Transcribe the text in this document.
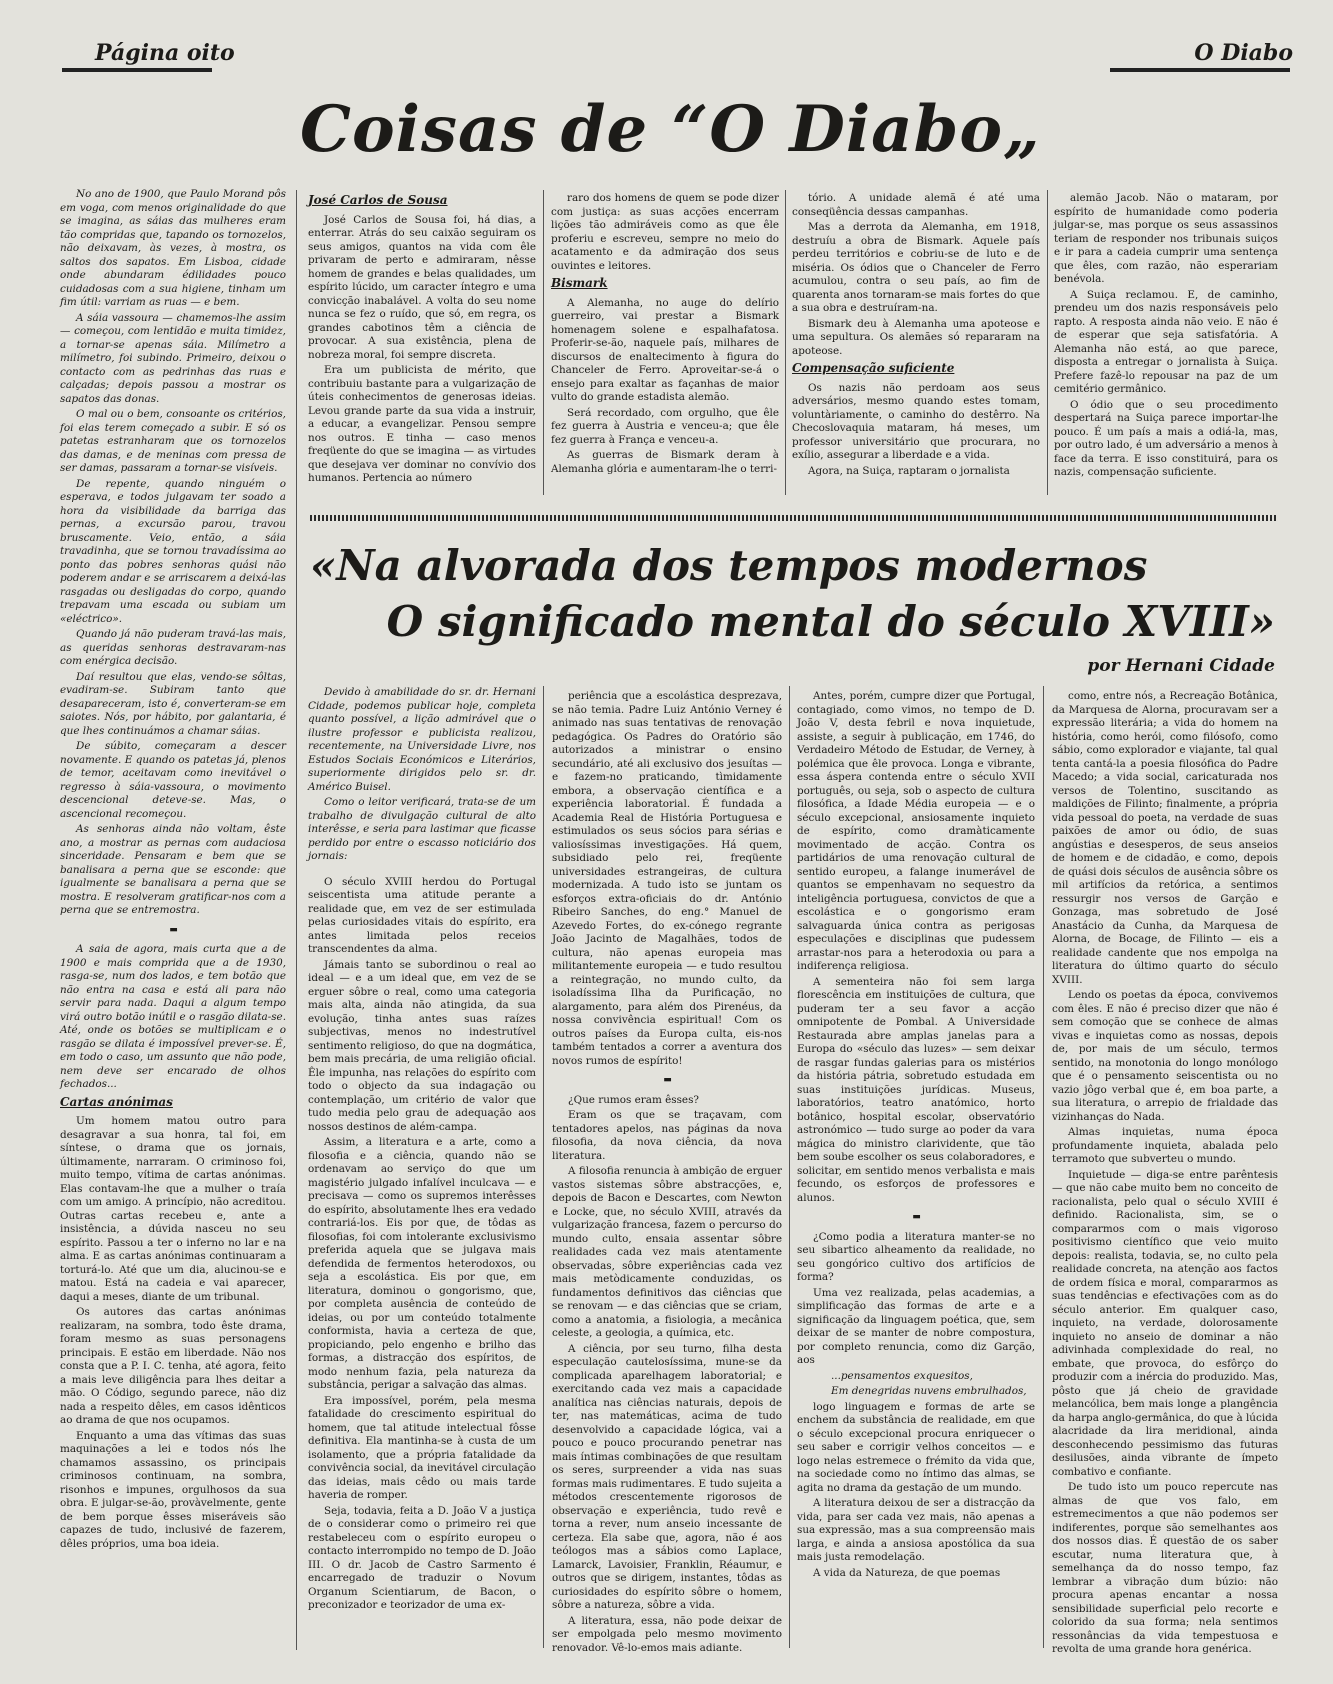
Página oito	O Diabo
Coisas de “O Diabo„

No ano de 1900, que Paulo Morand pôs em voga, com menos originalidade do que se imagina, as sáias das mulheres eram tão compridas que, tapando os tornozelos, não deixavam, às vezes, à mostra, os saltos dos sapatos. Em Lisboa, cidade onde abundaram édilidades pouco cuidadosas com a sua higiene, tinham um fim útil: varriam as ruas — e bem.

A sáia vassoura — chamemos-lhe assim — começou, com lentidão e muita timidez, a tornar-se apenas sáia. Milímetro a milímetro, foi subindo. Primeiro, deixou o contacto com as pedrinhas das ruas e calçadas; depois passou a mostrar os sapatos das donas.

O mal ou o bem, consoante os critérios, foi elas terem começado a subir. E só os patetas estranharam que os tornozelos das damas, e de meninas com pressa de ser damas, passaram a tornar-se visíveis.

De repente, quando ninguém o esperava, e todos julgavam ter soado a hora da visibilidade da barriga das pernas, a excursão parou, travou bruscamente. Veio, então, a sáia travadinha, que se tornou travadíssima ao ponto das pobres senhoras quási não poderem andar e se arriscarem a deixá-las rasgadas ou desligadas do corpo, quando trepavam uma escada ou subiam um «eléctrico».

Quando já não puderam travá-las mais, as queridas senhoras destravaram-nas com enérgica decisão.

Daí resultou que elas, vendo-se sôltas, evadiram-se. Subiram tanto que desapareceram, isto é, converteram-se em saiotes. Nós, por hábito, por galantaria, é que lhes continuámos a chamar sáias.

De súbito, começaram a descer novamente. E quando os patetas já, plenos de temor, aceitavam como inevitável o regresso à sáia-vassoura, o movimento descencional deteve-se. Mas, o ascencional recomeçou.

As senhoras ainda não voltam, êste ano, a mostrar as pernas com audaciosa sinceridade. Pensaram e bem que se banalisara a perna que se esconde: que igualmente se banalisara a perna que se mostra. E resolveram gratificar-nos com a perna que se entremostra.

▬

A saia de agora, mais curta que a de 1900 e mais comprida que a de 1930, rasga-se, num dos lados, e tem botão que não entra na casa e está ali para não servir para nada. Daqui a algum tempo virá outro botão inútil e o rasgão dilata-se. Até, onde os botões se multiplicam e o rasgão se dilata é impossível prever-se. É, em todo o caso, um assunto que não pode, nem deve ser encarado de olhos fechados...

Cartas anónimas

Um homem matou outro para desagravar a sua honra, tal foi, em síntese, o drama que os jornais, últimamente, narraram. O criminoso foi, muito tempo, vítima de cartas anónimas. Elas contavam-lhe que a mulher o traía com um amigo. A princípio, não acreditou. Outras cartas recebeu e, ante a insistência, a dúvida nasceu no seu espírito. Passou a ter o inferno no lar e na alma. E as cartas anónimas continuaram a torturá-lo. Até que um dia, alucinou-se e matou. Está na cadeia e vai aparecer, daqui a meses, diante de um tribunal.

Os autores das cartas anónimas realizaram, na sombra, todo êste drama, foram mesmo as suas personagens principais. E estão em liberdade. Não nos consta que a P. I. C. tenha, até agora, feito a mais leve diligência para lhes deitar a mão. O Código, segundo parece, não diz nada a respeito dêles, em casos idênticos ao drama de que nos ocupamos.

Enquanto a uma das vítimas das suas maquinações a lei e todos nós lhe chamamos assassino, os principais criminosos continuam, na sombra, risonhos e impunes, orgulhosos da sua obra. E julgar-se-ão, provàvelmente, gente de bem porque êsses miseráveis são capazes de tudo, inclusivé de fazerem, dêles próprios, uma boa ideia.

José Carlos de Sousa

José Carlos de Sousa foi, há dias, a enterrar. Atrás do seu caixão seguiram os seus amigos, quantos na vida com êle privaram de perto e admiraram, nêsse homem de grandes e belas qualidades, um espírito lúcido, um caracter íntegro e uma convicção inabalável. A volta do seu nome nunca se fez o ruído, que só, em regra, os grandes cabotinos têm a ciência de provocar. A sua existência, plena de nobreza moral, foi sempre discreta.

Era um publicista de mérito, que contribuiu bastante para a vulgarização de úteis conhecimentos de generosas ideias. Levou grande parte da sua vida a instruir, a educar, a evangelizar. Pensou sempre nos outros. E tinha — caso menos freqüente do que se imagina — as virtudes que desejava ver dominar no convívio dos humanos. Pertencia ao número

raro dos homens de quem se pode dizer com justiça: as suas acções encerram lições tão admiráveis como as que êle proferiu e escreveu, sempre no meio do acatamento e da admiração dos seus ouvintes e leitores.

Bismark

A Alemanha, no auge do delírio guerreiro, vai prestar a Bismark homenagem solene e espalhafatosa. Proferir-se-ão, naquele país, milhares de discursos de enaltecimento à figura do Chanceler de Ferro. Aproveitar-se-á o ensejo para exaltar as façanhas de maior vulto do grande estadista alemão.

Será recordado, com orgulho, que êle fez guerra à Austria e venceu-a; que êle fez guerra à França e venceu-a.

As guerras de Bismark deram à Alemanha glória e aumentaram-lhe o terri-

tório. A unidade alemã é até uma conseqüência dessas campanhas.

Mas a derrota da Alemanha, em 1918, destruíu a obra de Bismark. Aquele país perdeu territórios e cobriu-se de luto e de miséria. Os ódios que o Chanceler de Ferro acumulou, contra o seu país, ao fim de quarenta anos tornaram-se mais fortes do que a sua obra e destruíram-na.

Bismark deu à Alemanha uma apoteose e uma sepultura. Os alemães só repararam na apoteose.

Compensação suficiente

Os nazis não perdoam aos seus adversários, mesmo quando estes tomam, voluntàriamente, o caminho do destêrro. Na Checoslovaquia mataram, há meses, um professor universitário que procurara, no exílio, assegurar a liberdade e a vida.

Agora, na Suiça, raptaram o jornalista

alemão Jacob. Não o mataram, por espírito de humanidade como poderia julgar-se, mas porque os seus assassinos teriam de responder nos tribunais suiços e ir para a cadeia cumprir uma sentença que êles, com razão, não esperariam benévola.

A Suiça reclamou. E, de caminho, prendeu um dos nazis responsáveis pelo rapto. A resposta ainda não veio. E não é de esperar que seja satisfatória. A Alemanha não está, ao que parece, disposta a entregar o jornalista à Suiça. Prefere fazê-lo repousar na paz de um cemitério germânico.

O ódio que o seu procedimento despertará na Suiça parece importar-lhe pouco. É um país a mais a odiá-la, mas, por outro lado, é um adversário a menos à face da terra. E isso constituirá, para os nazis, compensação suficiente.

«Na alvorada dos tempos modernos
O significado mental do século XVIII»
por Hernani Cidade

Devido à amabilidade do sr. dr. Hernani Cidade, podemos publicar hoje, completa quanto possível, a lição admirável que o ilustre professor e publicista realizou, recentemente, na Universidade Livre, nos Estudos Sociais Económicos e Literários, superiormente dirigidos pelo sr. dr. Américo Buisel.

Como o leitor verificará, trata-se de um trabalho de divulgação cultural de alto interêsse, e seria para lastimar que ficasse perdido por entre o escasso noticiário dos jornais:

O século XVIII herdou do Portugal seiscentista uma atitude perante a realidade que, em vez de ser estimulada pelas curiosidades vitais do espírito, era antes limitada pelos receios transcendentes da alma.

Jámais tanto se subordinou o real ao ideal — e a um ideal que, em vez de se erguer sôbre o real, como uma categoria mais alta, ainda não atingida, da sua evolução, tinha antes suas raízes subjectivas, menos no indestrutível sentimento religioso, do que na dogmática, bem mais precária, de uma religião oficial. Êle impunha, nas relações do espírito com todo o objecto da sua indagação ou contemplação, um critério de valor que tudo media pelo grau de adequação aos nossos destinos de além-campa.

Assim, a literatura e a arte, como a filosofia e a ciência, quando não se ordenavam ao serviço do que um magistério julgado infalível inculcava — e precisava — como os supremos interêsses do espírito, absolutamente lhes era vedado contrariá-los. Eis por que, de tôdas as filosofias, foi com intolerante exclusivismo preferida aquela que se julgava mais defendida de fermentos heterodoxos, ou seja a escolástica. Eis por que, em literatura, dominou o gongorismo, que, por completa ausência de conteúdo de ideias, ou por um conteúdo totalmente conformista, havia a certeza de que, propiciando, pelo engenho e brilho das formas, a distracção dos espíritos, de modo nenhum fazia, pela natureza da substância, perigar a salvação das almas.

Era impossível, porém, pela mesma fatalidade do crescimento espiritual do homem, que tal atitude intelectual fôsse definitiva. Ela mantinha-se à custa de um isolamento, que a própria fatalidade da convivência social, da inevitável circulação das ideias, mais cêdo ou mais tarde haveria de romper.

Seja, todavia, feita a D. João V a justiça de o considerar como o primeiro rei que restabeleceu com o espírito europeu o contacto interrompido no tempo de D. João III. O dr. Jacob de Castro Sarmento é encarregado de traduzir o Novum Organum Scientiarum, de Bacon, o preconizador e teorizador de uma ex-

periência que a escolástica desprezava, se não temia. Padre Luiz António Verney é animado nas suas tentativas de renovação pedagógica. Os Padres do Oratório são autorizados a ministrar o ensino secundário, até ali exclusivo dos jesuítas — e fazem-no praticando, tìmidamente embora, a observação científica e a experiência laboratorial. É fundada a Academia Real de História Portuguesa e estimulados os seus sócios para sérias e valiosíssimas investigações. Há quem, subsidiado pelo rei, freqüente universidades estrangeiras, de cultura modernizada. A tudo isto se juntam os esforços extra-oficiais do dr. António Ribeiro Sanches, do eng.° Manuel de Azevedo Fortes, do ex-cónego regrante João Jacinto de Magalhães, todos de cultura, não apenas europeia mas militantemente europeia — e tudo resultou a reintegração, no mundo culto, da isoladíssima Ilha da Purificação, no alargamento, para além dos Pirenéus, da nossa convivência espiritual! Com os outros países da Europa culta, eis-nos também tentados a correr a aventura dos novos rumos de espírito!

▬

¿Que rumos eram êsses?

Eram os que se traçavam, com tentadores apelos, nas páginas da nova filosofia, da nova ciência, da nova literatura.

A filosofia renuncia à ambição de erguer vastos sistemas sôbre abstracções, e, depois de Bacon e Descartes, com Newton e Locke, que, no século XVIII, através da vulgarização francesa, fazem o percurso do mundo culto, ensaia assentar sôbre realidades cada vez mais atentamente observadas, sôbre experiências cada vez mais metòdicamente conduzidas, os fundamentos definitivos das ciências que se renovam — e das ciências que se criam, como a anatomia, a fisiologia, a mecânica celeste, a geologia, a química, etc.

A ciência, por seu turno, filha desta especulação cautelosíssima, mune-se da complicada aparelhagem laboratorial; e exercitando cada vez mais a capacidade analítica nas ciências naturais, depois de ter, nas matemáticas, acima de tudo desenvolvido a capacidade lógica, vai a pouco e pouco procurando penetrar nas mais íntimas combinações de que resultam os seres, surpreender a vida nas suas formas mais rudimentares. E tudo sujeita a métodos crescentemente rigorosos de observação e experiência, tudo revê e torna a rever, num anseio incessante de certeza. Ela sabe que, agora, não é aos teólogos mas a sábios como Laplace, Lamarck, Lavoisier, Franklin, Réaumur, e outros que se dirigem, instantes, tôdas as curiosidades do espírito sôbre o homem, sôbre a natureza, sôbre a vida.

A literatura, essa, não pode deixar de ser empolgada pelo mesmo movimento renovador. Vê-lo-emos mais adiante.

Antes, porém, cumpre dizer que Portugal, contagiado, como vimos, no tempo de D. João V, desta febril e nova inquietude, assiste, a seguir à publicação, em 1746, do Verdadeiro Método de Estudar, de Verney, à polémica que êle provoca. Longa e vibrante, essa áspera contenda entre o século XVII português, ou seja, sob o aspecto de cultura filosófica, a Idade Média europeia — e o século excepcional, ansiosamente inquieto de espírito, como dramàticamente movimentado de acção. Contra os partidários de uma renovação cultural de sentido europeu, a falange inumerável de quantos se empenhavam no sequestro da inteligência portuguesa, convictos de que a escolástica e o gongorismo eram salvaguarda única contra as perigosas especulações e disciplinas que pudessem arrastar-nos para a heterodoxia ou para a indiferença religiosa.

A sementeira não foi sem larga florescência em instituições de cultura, que puderam ter a seu favor a acção omnipotente de Pombal. A Universidade Restaurada abre amplas janelas para a Europa do «século das luzes» — sem deixar de rasgar fundas galerias para os mistérios da história pátria, sobretudo estudada em suas instituições jurídicas. Museus, laboratórios, teatro anatómico, horto botânico, hospital escolar, observatório astronómico — tudo surge ao poder da vara mágica do ministro clarividente, que tão bem soube escolher os seus colaboradores, e solicitar, em sentido menos verbalista e mais fecundo, os esforços de professores e alunos.

▬

¿Como podia a literatura manter-se no seu sibartico alheamento da realidade, no seu gongórico cultivo dos artifícios de forma?

Uma vez realizada, pelas academias, a simplificação das formas de arte e a significação da linguagem poética, que, sem deixar de se manter de nobre compostura, por completo renuncia, como diz Garção, aos

...pensamentos exquesitos,

Em denegridas nuvens embrulhados,

logo linguagem e formas de arte se enchem da substância de realidade, em que o século excepcional procura enriquecer o seu saber e corrigir velhos conceitos — e logo nelas estremece o frémito da vida que, na sociedade como no íntimo das almas, se agita no drama da gestação de um mundo.

A literatura deixou de ser a distracção da vida, para ser cada vez mais, não apenas a sua expressão, mas a sua compreensão mais larga, e ainda a ansiosa apostólica da sua mais justa remodelação.

A vida da Natureza, de que poemas

como, entre nós, a Recreação Botânica, da Marquesa de Alorna, procuravam ser a expressão literária; a vida do homem na história, como herói, como filósofo, como sábio, como explorador e viajante, tal qual tenta cantá-la a poesia filosófica do Padre Macedo; a vida social, caricaturada nos versos de Tolentino, suscitando as maldições de Filinto; finalmente, a própria vida pessoal do poeta, na verdade de suas paixões de amor ou ódio, de suas angústias e desesperos, de seus anseios de homem e de cidadão, e como, depois de quási dois séculos de ausência sôbre os mil artifícios da retórica, a sentimos ressurgir nos versos de Garção e Gonzaga, mas sobretudo de José Anastácio da Cunha, da Marquesa de Alorna, de Bocage, de Filinto — eis a realidade candente que nos empolga na literatura do último quarto do século XVIII.

Lendo os poetas da época, convivemos com êles. E não é preciso dizer que não é sem comoção que se conhece de almas vivas e inquietas como as nossas, depois de, por mais de um século, termos sentido, na monotonia do longo monólogo que é o pensamento seiscentista ou no vazio jôgo verbal que é, em boa parte, a sua literatura, o arrepio de frialdade das vizinhanças do Nada.

Almas inquietas, numa época profundamente inquieta, abalada pelo terramoto que subverteu o mundo.

Inquietude — diga-se entre parêntesis — que não cabe muito bem no conceito de racionalista, pelo qual o século XVIII é definido. Racionalista, sim, se o compararmos com o mais vigoroso positivismo científico que veio muito depois: realista, todavia, se, no culto pela realidade concreta, na atenção aos factos de ordem física e moral, compararmos as suas tendências e efectivações com as do século anterior. Em qualquer caso, inquieto, na verdade, dolorosamente inquieto no anseio de dominar a não adivinhada complexidade do real, no embate, que provoca, do esfôrço do produzir com a inércia do produzido. Mas, pôsto que já cheio de gravidade melancólica, bem mais longe a plangência da harpa anglo-germânica, do que à lúcida alacridade da lira meridional, ainda desconhecendo pessimismo das futuras desilusões, ainda vibrante de ímpeto combativo e confiante.

De tudo isto um pouco repercute nas almas de que vos falo, em estremecimentos a que não podemos ser indiferentes, porque são semelhantes aos dos nossos dias. É questão de os saber escutar, numa literatura que, à semelhança da do nosso tempo, faz lembrar a vibração dum búzio: não procura apenas encantar a nossa sensibilidade superficial pelo recorte e colorido da sua forma; nela sentimos ressonâncias da vida tempestuosa e revolta de uma grande hora genérica.
